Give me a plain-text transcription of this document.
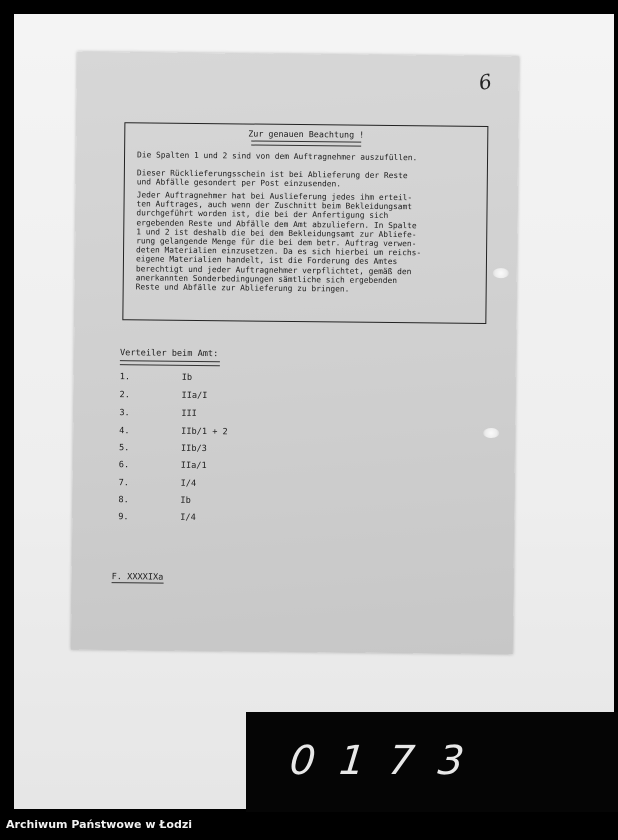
6
Zur genauen Beachtung !

Die Spalten 1 und 2 sind von dem Auftragnehmer auszufüllen.

Dieser Rücklieferungsschein ist bei Ablieferung der Reste
und Abfälle gesondert per Post einzusenden.

Jeder Auftragnehmer hat bei Auslieferung jedes ihm erteil-
ten Auftrages, auch wenn der Zuschnitt beim Bekleidungsamt
durchgeführt worden ist, die bei der Anfertigung sich
ergebenden Reste und Abfälle dem Amt abzuliefern. In Spalte
1 und 2 ist deshalb die bei dem Bekleidungsamt zur Abliefe-
rung gelangende Menge für die bei dem betr. Auftrag verwen-
deten Materialien einzusetzen. Da es sich hierbei um reichs-
eigene Materialien handelt, ist die Forderung des Amtes
berechtigt und jeder Auftragnehmer verpflichtet, gemäß den
anerkannten Sonderbedingungen sämtliche sich ergebenden
Reste und Abfälle zur Ablieferung zu bringen.

Verteiler beim Amt:

1.	Ib
2.	IIa/I
3.	III
4.	IIb/1 + 2
5.	IIb/3
6.	IIa/1
7.	I/4
8.	Ib
9.	I/4
F. XXXXIXa
0173
Archiwum Państwowe w Łodzi
